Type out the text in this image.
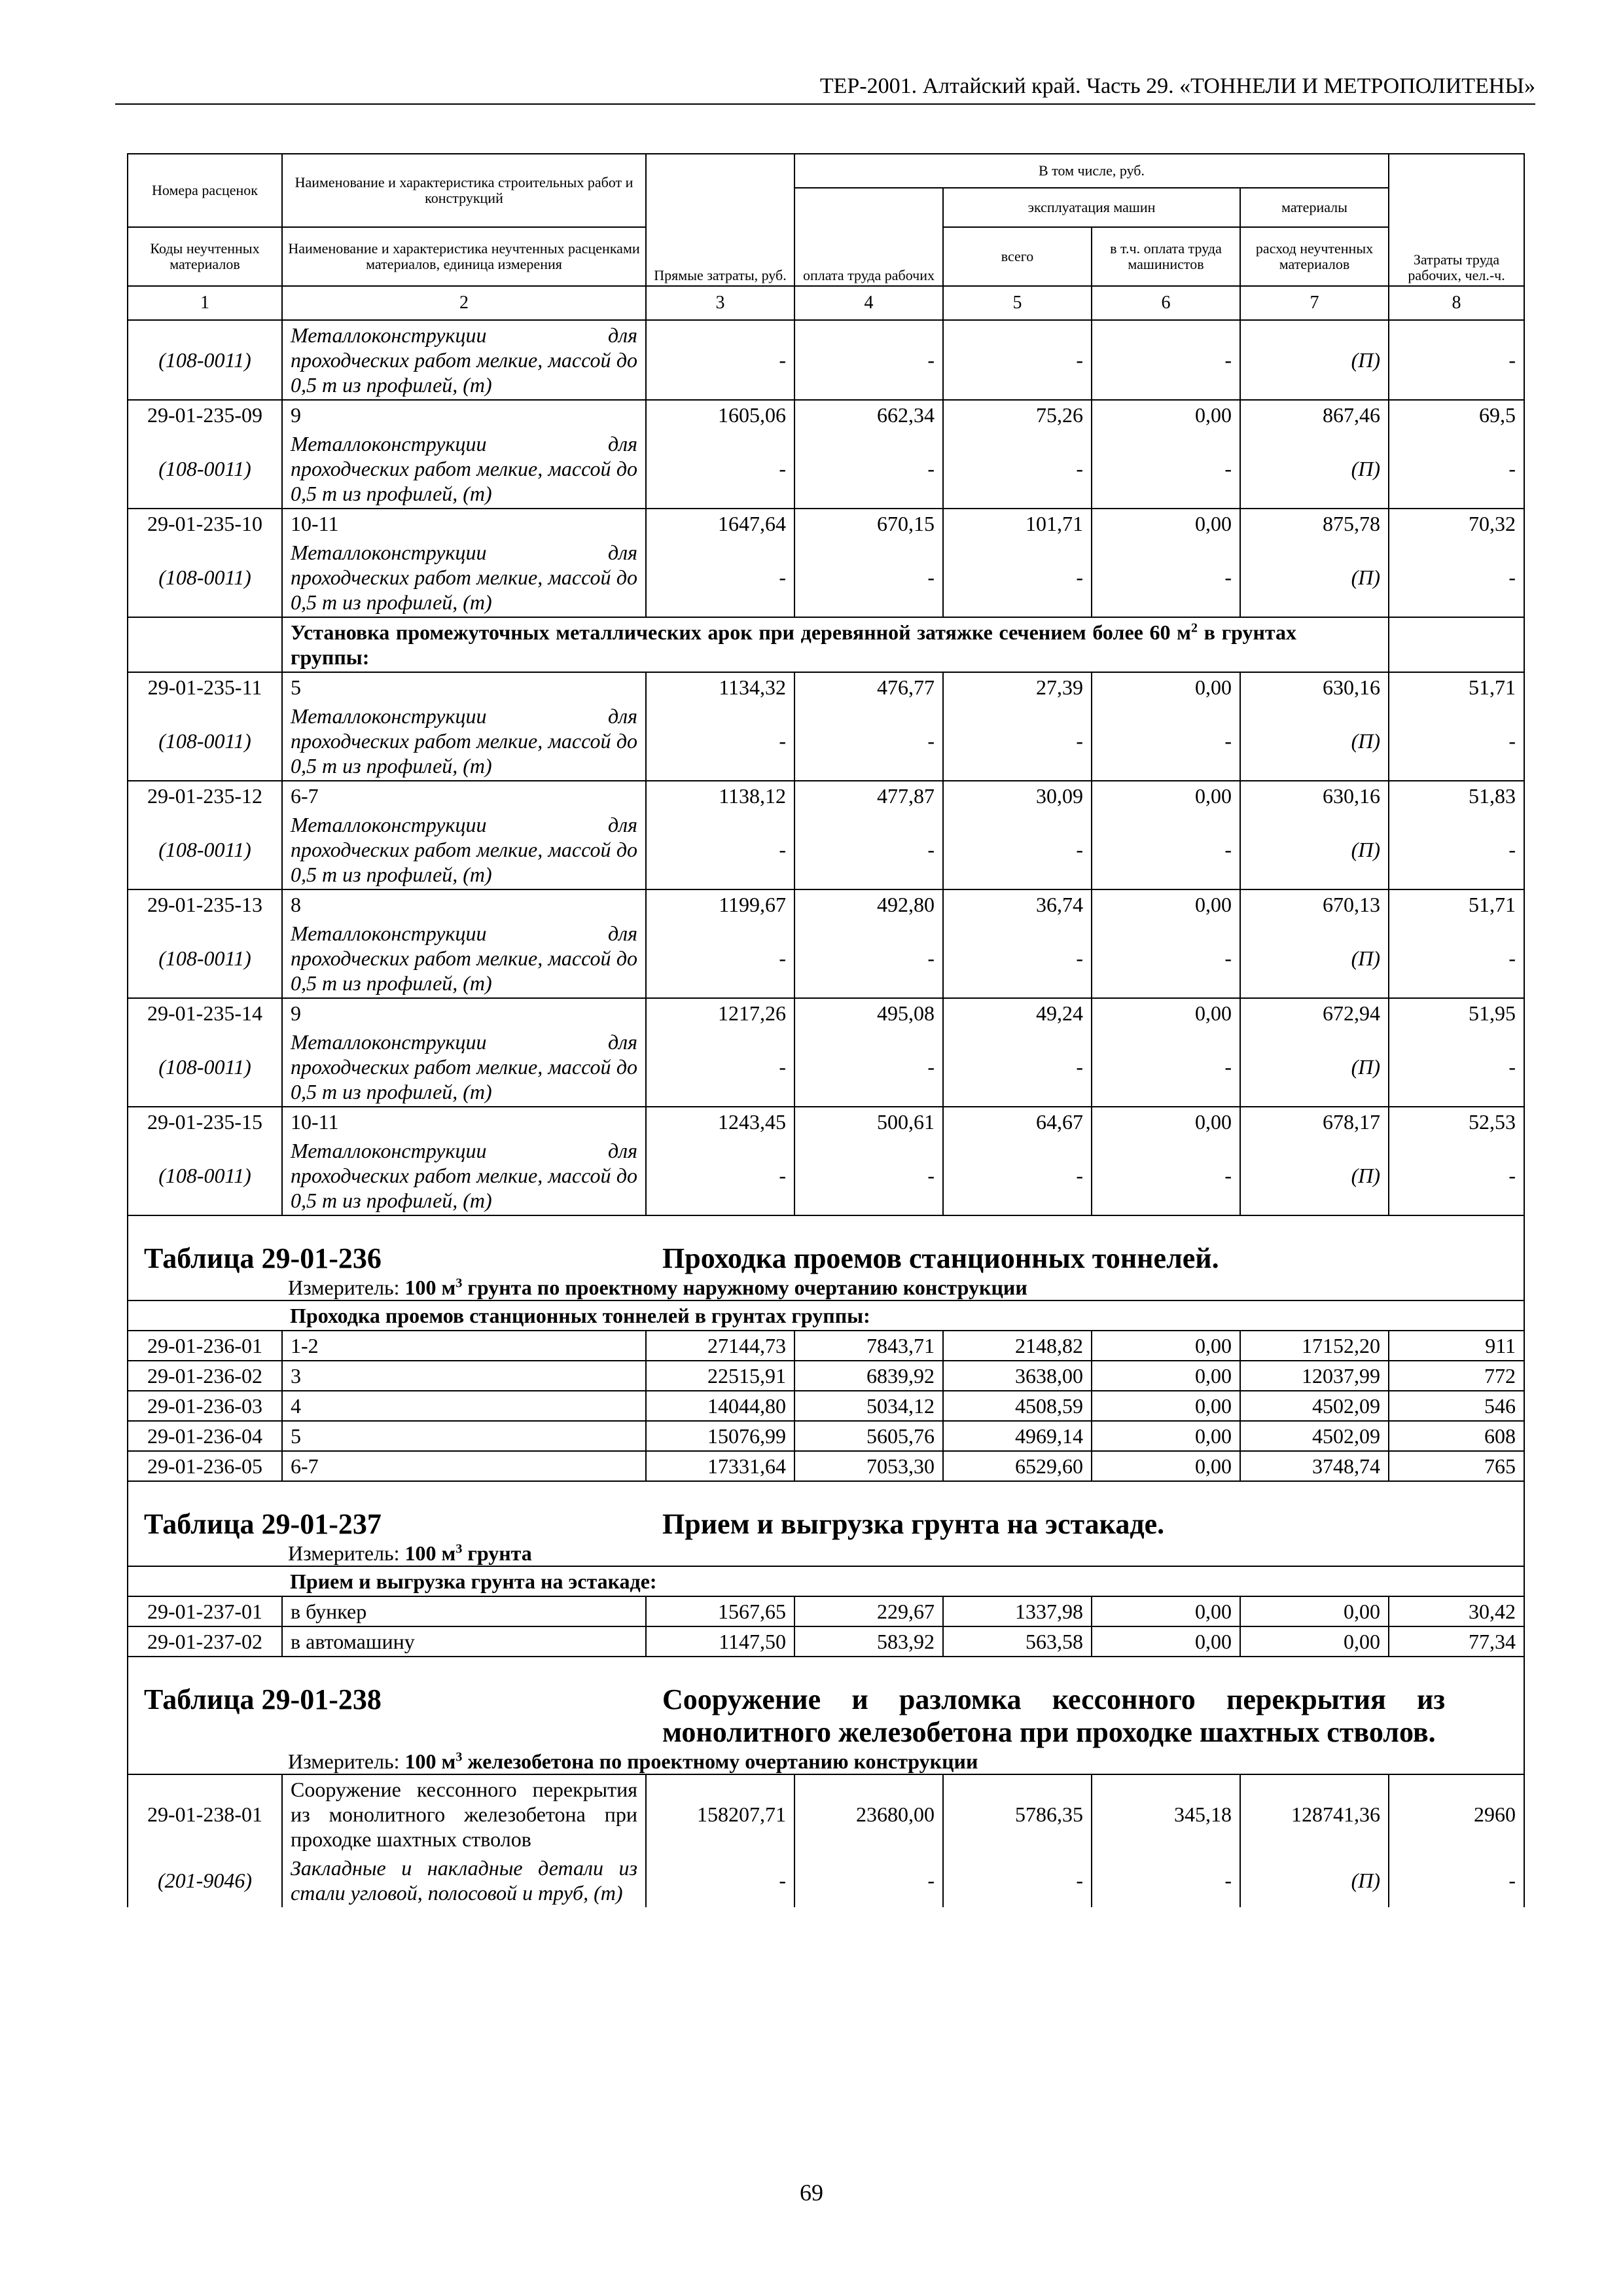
ТЕР-2001. Алтайский край. Часть 29. «ТОННЕЛИ И МЕТРОПОЛИТЕНЫ»
Номера расценок	Наименование и характеристика строительных работ и конструкций	Прямые затраты, руб.	В том числе, руб.				Затраты труда рабочих, чел.-ч.
			оплата труда рабочих	эксплуатация машин		материалы	
Коды неучтенных материалов	Наименование и характеристика неучтенных расценками материалов, единица измерения			всего	в т.ч. оплата труда машинистов	расход неучтенных материалов	
1	2	3	4	5	6	7	8
(108-0011)	Металлоконструкции для проходческих работ мелкие, массой до 0,5 т из профилей, (т)	-	-	-	-	(П)	-
29-01-235-09	9	1605,06	662,34	75,26	0,00	867,46	69,5
(108-0011)	Металлоконструкции для проходческих работ мелкие, массой до 0,5 т из профилей, (т)	-	-	-	-	(П)	-
29-01-235-10	10-11	1647,64	670,15	101,71	0,00	875,78	70,32
(108-0011)	Металлоконструкции для проходческих работ мелкие, массой до 0,5 т из профилей, (т)	-	-	-	-	(П)	-
	Установка промежуточных металлических арок при деревянной затяжке сечением более 60 $м^2$ в грунтах группы:						
29-01-235-11	5	1134,32	476,77	27,39	0,00	630,16	51,71
(108-0011)	Металлоконструкции для проходческих работ мелкие, массой до 0,5 т из профилей, (т)	-	-	-	-	(П)	-
29-01-235-12	6-7	1138,12	477,87	30,09	0,00	630,16	51,83
(108-0011)	Металлоконструкции для проходческих работ мелкие, массой до 0,5 т из профилей, (т)	-	-	-	-	(П)	-
29-01-235-13	8	1199,67	492,80	36,74	0,00	670,13	51,71
(108-0011)	Металлоконструкции для проходческих работ мелкие, массой до 0,5 т из профилей, (т)	-	-	-	-	(П)	-
29-01-235-14	9	1217,26	495,08	49,24	0,00	672,94	51,95
(108-0011)	Металлоконструкции для проходческих работ мелкие, массой до 0,5 т из профилей, (т)	-	-	-	-	(П)	-
29-01-235-15	10-11	1243,45	500,61	64,67	0,00	678,17	52,53
(108-0011)	Металлоконструкции для проходческих работ мелкие, массой до 0,5 т из профилей, (т)	-	-	-	-	(П)	-

Таблица 29-01-236 Проходка проемов станционных тоннелей.
Измеритель: 100 $м^3$ грунта по проектному наружному очертанию конструкции							

	Проходка проемов станционных тоннелей в грунтах группы:						
29-01-236-01	1-2	27144,73	7843,71	2148,82	0,00	17152,20	911
29-01-236-02	3	22515,91	6839,92	3638,00	0,00	12037,99	772
29-01-236-03	4	14044,80	5034,12	4508,59	0,00	4502,09	546
29-01-236-04	5	15076,99	5605,76	4969,14	0,00	4502,09	608
29-01-236-05	6-7	17331,64	7053,30	6529,60	0,00	3748,74	765

Таблица 29-01-237 Прием и выгрузка грунта на эстакаде.
Измеритель: 100 $м^3$ грунта							

	Прием и выгрузка грунта на эстакаде:						
29-01-237-01	в бункер	1567,65	229,67	1337,98	0,00	0,00	30,42
29-01-237-02	в автомашину	1147,50	583,92	563,58	0,00	0,00	77,34

Таблица 29-01-238 Сооружение и разломка кессонного перекрытия из монолитного железобетона при проходке шахтных стволов.
Измеритель: 100 $м^3$ железобетона по проектному очертанию конструкции							

29-01-238-01	Сооружение кессонного перекрытия из монолитного железобетона при проходке шахтных стволов	158207,71	23680,00	5786,35	345,18	128741,36	2960
(201-9046)	Закладные и накладные детали из стали угловой, полосовой и труб, (т)	-	-	-	-	(П)	-
69
